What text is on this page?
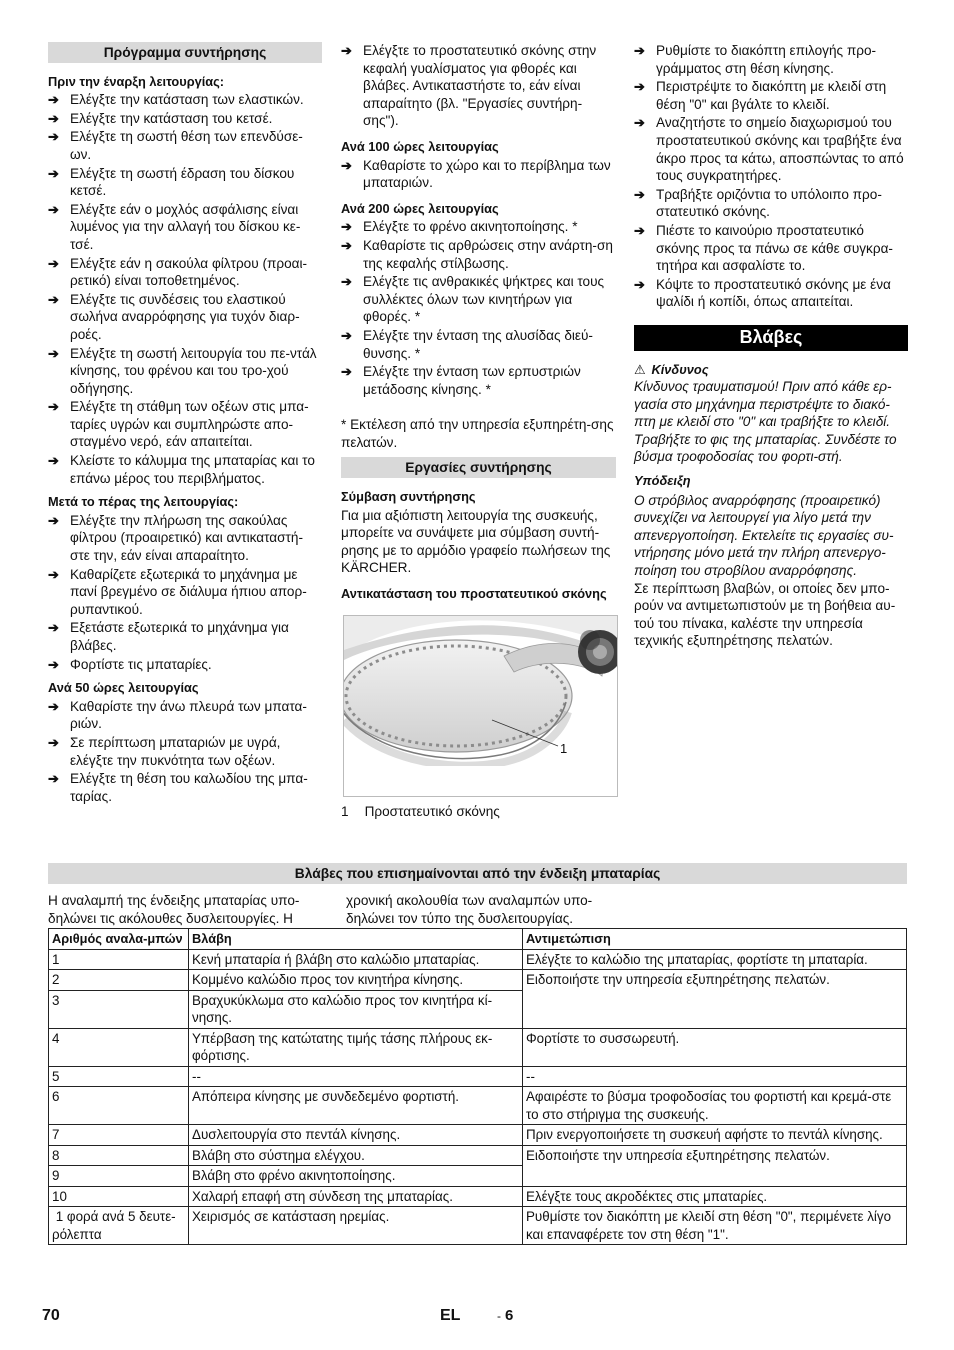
Πρόγραμμα συντήρησης
Πριν την έναρξη λειτουργίας:
➔ Ελέγξτε την κατάσταση των ελαστικών.
➔ Ελέγξτε την κατάσταση του κετσέ.
➔ Ελέγξτε τη σωστή θέση των επενδύσε-ων.
➔ Ελέγξτε τη σωστή έδραση του δίσκου κετσέ.
➔ Ελέγξτε εάν ο μοχλός ασφάλισης είναι λυμένος για την αλλαγή του δίσκου κε-τσέ.
➔ Ελέγξτε εάν η σακούλα φίλτρου (προαι-ρετικό) είναι τοποθετημένος.
➔ Ελέγξτε τις συνδέσεις του ελαστικού σωλήνα αναρρόφησης για τυχόν διαρ-ροές.
➔ Ελέγξτε τη σωστή λειτουργία του πε-ντάλ κίνησης, του φρένου και του τρο-χού οδήγησης.
➔ Ελέγξτε τη στάθμη των οξέων στις μπα-ταρίες υγρών και συμπληρώστε απο-σταγμένο νερό, εάν απαιτείται.
➔ Κλείστε το κάλυμμα της μπαταρίας και το επάνω μέρος του περιβλήματος.
Μετά το πέρας της λειτουργίας:
➔ Ελέγξτε την πλήρωση της σακούλας φίλτρου (προαιρετικό) και αντικαταστή-στε την, εάν είναι απαραίτητο.
➔ Καθαρίζετε εξωτερικά το μηχάνημα με πανί βρεγμένο σε διάλυμα ήπιου απορ-ρυπαντικού.
➔ Εξετάστε εξωτερικά το μηχάνημα για βλάβες.
➔ Φορτίστε τις μπαταρίες.
Ανά 50 ώρες λειτουργίας
➔ Καθαρίστε την άνω πλευρά των μπατα-ριών.
➔ Σε περίπτωση μπαταριών με υγρά, ελέγξτε την πυκνότητα των οξέων.
➔ Ελέγξτε τη θέση του καλωδίου της μπα-ταρίας.
➔ Ελέγξτε το προστατευτικό σκόνης στην κεφαλή γυαλίσματος για φθορές και βλάβες. Αντικαταστήστε το, εάν είναι απαραίτητο (βλ. "Εργασίες συντήρη-σης").
Ανά 100 ώρες λειτουργίας
➔ Καθαρίστε το χώρο και το περίβλημα των μπαταριών.
Ανά 200 ώρες λειτουργίας
➔ Ελέγξτε το φρένο ακινητοποίησης. *
➔ Καθαρίστε τις αρθρώσεις στην ανάρτη-ση της κεφαλής στίλβωσης.
➔ Ελέγξτε τις ανθρακικές ψήκτρες και τους συλλέκτες όλων των κινητήρων για φθορές. *
➔ Ελέγξτε την ένταση της αλυσίδας διεύ-θυνσης. *
➔ Ελέγξτε την ένταση των ερπυστριών μετάδοσης κίνησης. *

* Εκτέλεση από την υπηρεσία εξυπηρέτη-σης πελατών.

Εργασίες συντήρησης
Σύμβαση συντήρησης

Για μια αξιόπιστη λειτουργία της συσκευής, μπορείτε να συνάψετε μια σύμβαση συντή-ρησης με το αρμόδιο γραφείο πωλήσεων της KÄRCHER.

Αντικατάσταση του προστατευτικού σκόνης
1
1 Προστατευτικό σκόνης
➔ Ρυθμίστε το διακόπτη επιλογής προ-γράμματος στη θέση κίνησης.
➔ Περιστρέψτε το διακόπτη με κλειδί στη θέση "0" και βγάλτε το κλειδί.
➔ Αναζητήστε το σημείο διαχωρισμού του προστατευτικού σκόνης και τραβήξτε ένα άκρο προς τα κάτω, αποσπώντας το από τους συγκρατητήρες.
➔ Τραβήξτε οριζόντια το υπόλοιπο προ-στατευτικό σκόνης.
➔ Πιέστε το καινούριο προστατευτικό σκόνης προς τα πάνω σε κάθε συγκρα-τητήρα και ασφαλίστε το.
➔ Κόψτε το προστατευτικό σκόνης με ένα ψαλίδι ή κοπίδι, όπως απαιτείται.
Βλάβες
⚠ Κίνδυνος

Κίνδυνος τραυματισμού! Πριν από κάθε ερ-γασία στο μηχάνημα περιστρέψτε το διακό-πτη με κλειδί στο "0" και τραβήξτε το κλειδί. Τραβήξτε το φις της μπαταρίας. Συνδέστε το βύσμα τροφοδοσίας του φορτι-στή.

Υπόδειξη

Ο στρόβιλος αναρρόφησης (προαιρετικό) συνεχίζει να λειτουργεί για λίγο μετά την απενεργοποίηση. Εκτελείτε τις εργασίες συ-ντήρησης μόνο μετά την πλήρη απενεργο-ποίηση του στροβίλου αναρρόφησης.

Σε περίπτωση βλαβών, οι οποίες δεν μπο-ρούν να αντιμετωπιστούν με τη βοήθεια αυ-τού του πίνακα, καλέστε την υπηρεσία τεχνικής εξυπηρέτησης πελατών.

Βλάβες που επισημαίνονται από την ένδειξη μπαταρίας
Η αναλαμπή της ένδειξης μπαταρίας υπο-δηλώνει τις ακόλουθες δυσλειτουργίες. Η
χρονική ακολουθία των αναλαμπών υπο-δηλώνει τον τύπο της δυσλειτουργίας.
Αριθμός αναλα-μπών	Βλάβη	Αντιμετώπιση
1	Κενή μπαταρία ή βλάβη στο καλώδιο μπαταρίας.	Ελέγξτε το καλώδιο της μπαταρίας, φορτίστε τη μπαταρία.
2	Κομμένο καλώδιο προς τον κινητήρα κίνησης.	Ειδοποιήστε την υπηρεσία εξυπηρέτησης πελατών.
3	Βραχυκύκλωμα στο καλώδιο προς τον κινητήρα κί-νησης.	
4	Υπέρβαση της κατώτατης τιμής τάσης πλήρους εκ-φόρτισης.	Φορτίστε το συσσωρευτή.
5	--	--
6	Απόπειρα κίνησης με συνδεδεμένο φορτιστή.	Αφαιρέστε το βύσμα τροφοδοσίας του φορτιστή και κρεμά-στε το στο στήριγμα της συσκευής.
7	Δυσλειτουργία στο πεντάλ κίνησης.	Πριν ενεργοποιήσετε τη συσκευή αφήστε το πεντάλ κίνησης.
8	Βλάβη στο σύστημα ελέγχου.	Ειδοποιήστε την υπηρεσία εξυπηρέτησης πελατών.
9	Βλάβη στο φρένο ακινητοποίησης.	
10	Χαλαρή επαφή στη σύνδεση της μπαταρίας.	Ελέγξτε τους ακροδέκτες στις μπαταρίες.
1 φορά ανά 5 δευτε-ρόλεπτα	Χειρισμός σε κατάσταση ηρεμίας.	Ρυθμίστε τον διακόπτη με κλειδί στη θέση "0", περιμένετε λίγο και επαναφέρετε τον στη θέση "1".
70	EL	- 6
